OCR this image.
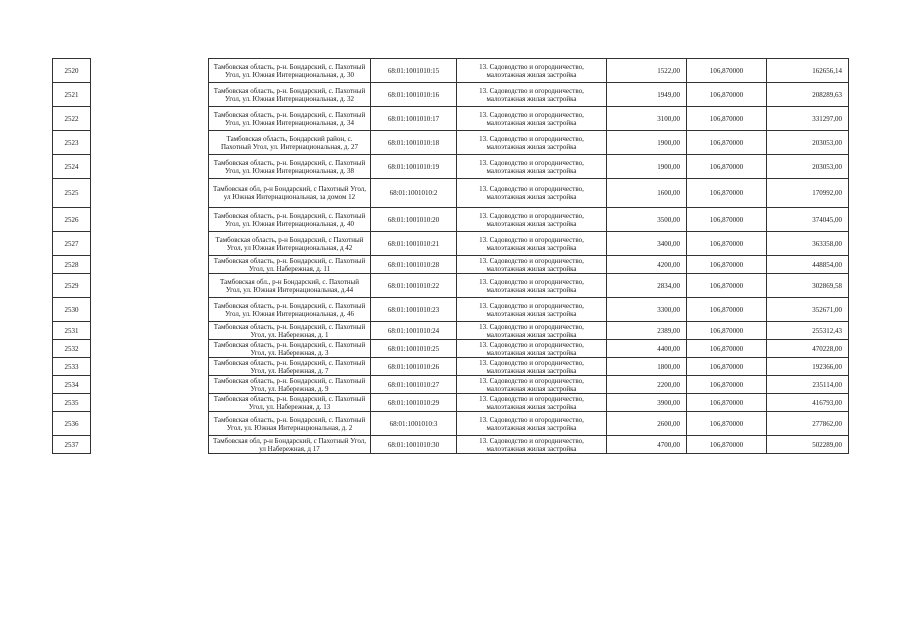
2520		Тамбовская область, р-н. Бондарский, с. Пахотный Угол, ул. Южная Интернациональная, д. 30	68:01:1001010:15	13. Садоводство и огородничество, малоэтажная жилая застройка	1522,00	106,870000	162656,14
2521		Тамбовская область, р-н. Бондарский, с. Пахотный Угол, ул. Южная Интернациональная, д. 32	68:01:1001010:16	13. Садоводство и огородничество, малоэтажная жилая застройка	1949,00	106,870000	208289,63
2522		Тамбовская область, р-н. Бондарский, с. Пахотный Угол, ул. Южная Интернациональная, д. 34	68:01:1001010:17	13. Садоводство и огородничество, малоэтажная жилая застройка	3100,00	106,870000	331297,00
2523		Тамбовская область, Бондарский район, с. Пахотный Угол, ул. Интернациональная, д. 27	68:01:1001010:18	13. Садоводство и огородничество, малоэтажная жилая застройка	1900,00	106,870000	203053,00
2524		Тамбовская область, р-н. Бондарский, с. Пахотный Угол, ул. Южная Интернациональная, д. 38	68:01:1001010:19	13. Садоводство и огородничество, малоэтажная жилая застройка	1900,00	106,870000	203053,00
2525		Тамбовская обл, р-н Бондарский, с Пахотный Угол, ул Южная Интернациональная, за домом 12	68:01:1001010:2	13. Садоводство и огородничество, малоэтажная жилая застройка	1600,00	106,870000	170992,00
2526		Тамбовская область, р-н. Бондарский, с. Пахотный Угол, ул. Южная Интернациональная, д. 40	68:01:1001010:20	13. Садоводство и огородничество, малоэтажная жилая застройка	3500,00	106,870000	374045,00
2527		Тамбовская область, р-н Бондарский, с Пахотный Угол, ул Южная Интернациональная, д 42	68:01:1001010:21	13. Садоводство и огородничество, малоэтажная жилая застройка	3400,00	106,870000	363358,00
2528		Тамбовская область, р-н. Бондарский, с. Пахотный Угол, ул. Набережная, д. 11	68:01:1001010:28	13. Садоводство и огородничество, малоэтажная жилая застройка	4200,00	106,870000	448854,00
2529		Тамбовская обл., р-н Бондарский, с. Пахотный Угол, ул. Южная Интернациональная, д.44	68:01:1001010:22	13. Садоводство и огородничество, малоэтажная жилая застройка	2834,00	106,870000	302869,58
2530		Тамбовская область, р-н. Бондарский, с. Пахотный Угол, ул. Южная Интернациональная, д. 46	68:01:1001010:23	13. Садоводство и огородничество, малоэтажная жилая застройка	3300,00	106,870000	352671,00
2531		Тамбовская область, р-н. Бондарский, с. Пахотный Угол, ул. Набережная, д. 1	68:01:1001010:24	13. Садоводство и огородничество, малоэтажная жилая застройка	2389,00	106,870000	255312,43
2532		Тамбовская область, р-н. Бондарский, с. Пахотный Угол, ул. Набережная, д. 3	68:01:1001010:25	13. Садоводство и огородничество, малоэтажная жилая застройка	4400,00	106,870000	470228,00
2533		Тамбовская область, р-н. Бондарский, с. Пахотный Угол, ул. Набережная, д. 7	68:01:1001010:26	13. Садоводство и огородничество, малоэтажная жилая застройка	1800,00	106,870000	192366,00
2534		Тамбовская область, р-н. Бондарский, с. Пахотный Угол, ул. Набережная, д. 9	68:01:1001010:27	13. Садоводство и огородничество, малоэтажная жилая застройка	2200,00	106,870000	235114,00
2535		Тамбовская область, р-н. Бондарский, с. Пахотный Угол, ул. Набережная, д. 13	68:01:1001010:29	13. Садоводство и огородничество, малоэтажная жилая застройка	3900,00	106,870000	416793,00
2536		Тамбовская область, р-н. Бондарский, с. Пахотный Угол, ул. Южная Интернациональная, д. 2	68:01:1001010:3	13. Садоводство и огородничество, малоэтажная жилая застройка	2600,00	106,870000	277862,00
2537		Тамбовская обл, р-н Бондарский, с Пахотный Угол, ул Набережная, д 17	68:01:1001010:30	13. Садоводство и огородничество, малоэтажная жилая застройка	4700,00	106,870000	502289,00
